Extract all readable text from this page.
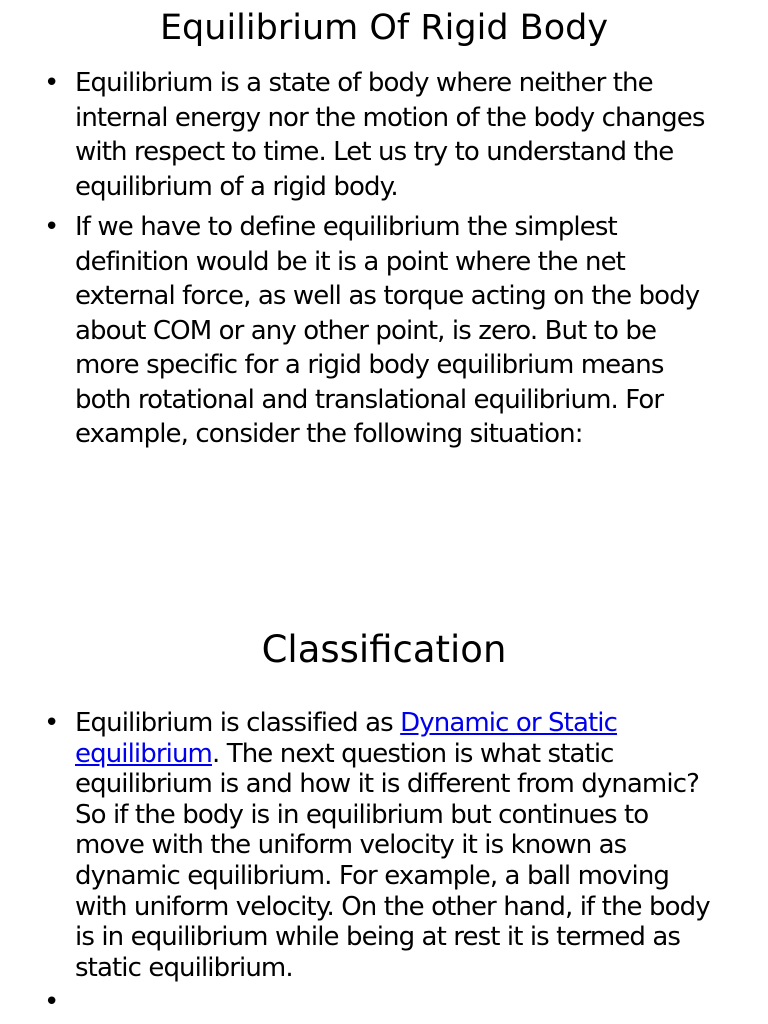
Equilibrium Of Rigid Body
• Equilibrium is a state of body where neither the internal energy nor the motion of the body changes with respect to time. Let us try to understand the equilibrium of a rigid body.
• If we have to define equilibrium the simplest definition would be it is a point where the net external force, as well as torque acting on the body about COM or any other point, is zero. But to be more specific for a rigid body equilibrium means both rotational and translational equilibrium. For example, consider the following situation:
Classification
• Equilibrium is classified as Dynamic or Static equilibrium. The next question is what static equilibrium is and how it is different from dynamic? So if the body is in equilibrium but continues to move with the uniform velocity it is known as dynamic equilibrium. For example, a ball moving with uniform velocity. On the other hand, if the body is in equilibrium while being at rest it is termed as static equilibrium.
•
